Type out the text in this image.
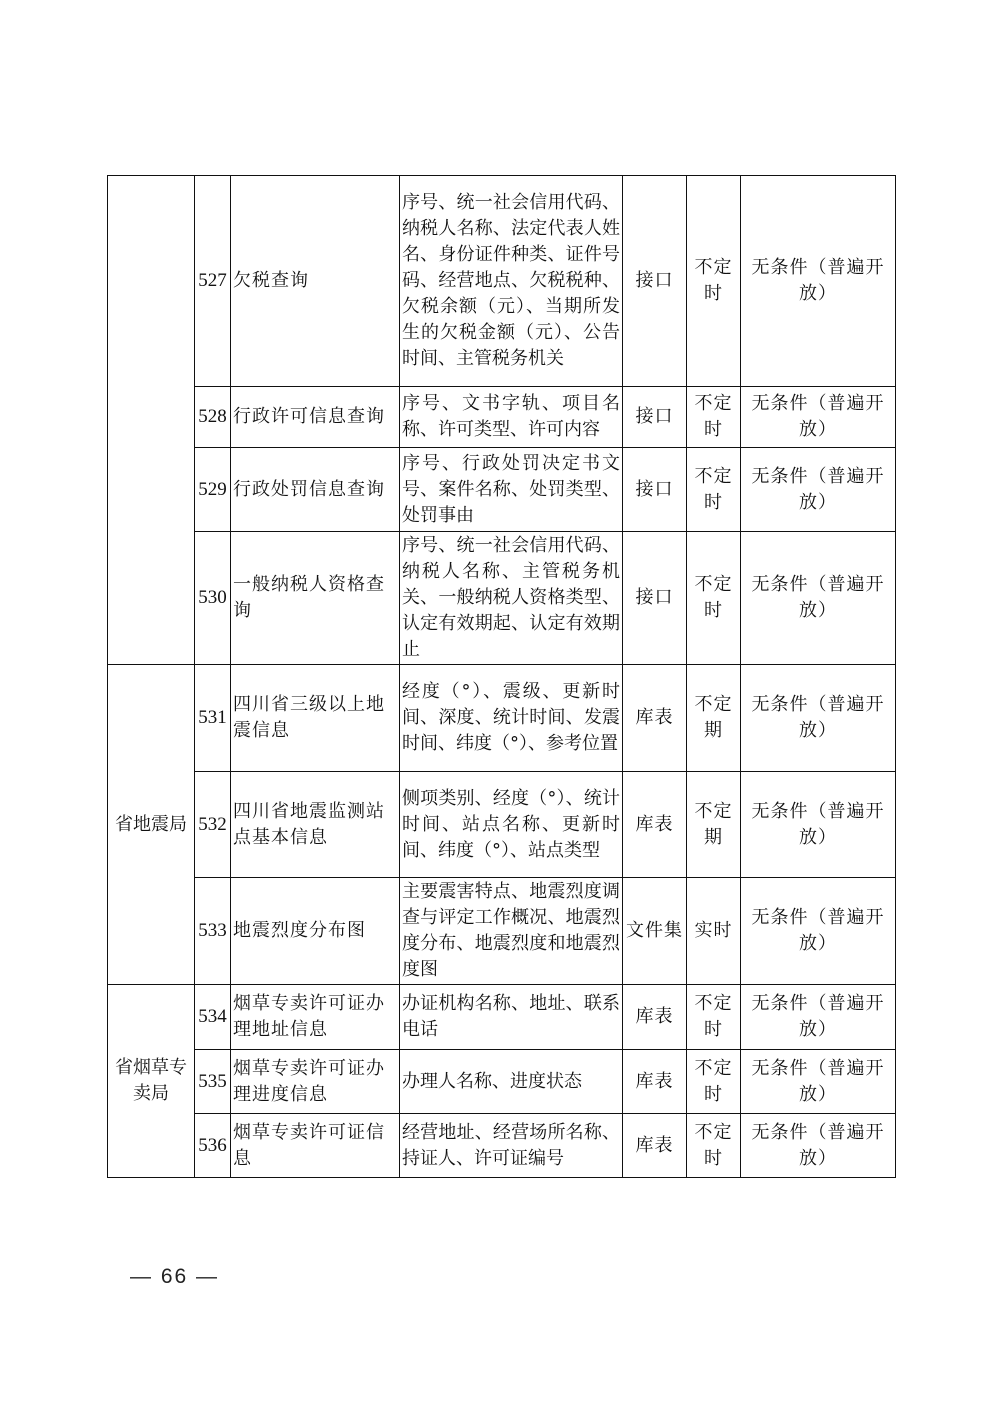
	527	欠税查询	序号、统一社会信用代码、纳税人名称、法定代表人姓名、身份证件种类、证件号码、经营地点、欠税税种、欠税余额（元）、当期所发生的欠税金额（元）、公告时间、主管税务机关	接口	不定时	无条件（普遍开放）
	528	行政许可信息查询	序号、文书字轨、项目名称、许可类型、许可内容	接口	不定时	无条件（普遍开放）
	529	行政处罚信息查询	序号、行政处罚决定书文号、案件名称、处罚类型、处罚事由	接口	不定时	无条件（普遍开放）
	530	一般纳税人资格查询	序号、统一社会信用代码、纳税人名称、主管税务机关、一般纳税人资格类型、认定有效期起、认定有效期止	接口	不定时	无条件（普遍开放）
省地震局	531	四川省三级以上地震信息	经度（°）、震级、更新时间、深度、统计时间、发震时间、纬度（°）、参考位置	库表	不定期	无条件（普遍开放）
	532	四川省地震监测站点基本信息	侧项类别、经度（°）、统计时间、站点名称、更新时间、纬度（°）、站点类型	库表	不定期	无条件（普遍开放）
	533	地震烈度分布图	主要震害特点、地震烈度调查与评定工作概况、地震烈度分布、地震烈度和地震烈度图	文件集	实时	无条件（普遍开放）
省烟草专卖局	534	烟草专卖许可证办理地址信息	办证机构名称、地址、联系电话	库表	不定时	无条件（普遍开放）
	535	烟草专卖许可证办理进度信息	办理人名称、进度状态	库表	不定时	无条件（普遍开放）
	536	烟草专卖许可证信息	经营地址、经营场所名称、持证人、许可证编号	库表	不定时	无条件（普遍开放）
— 66 —
